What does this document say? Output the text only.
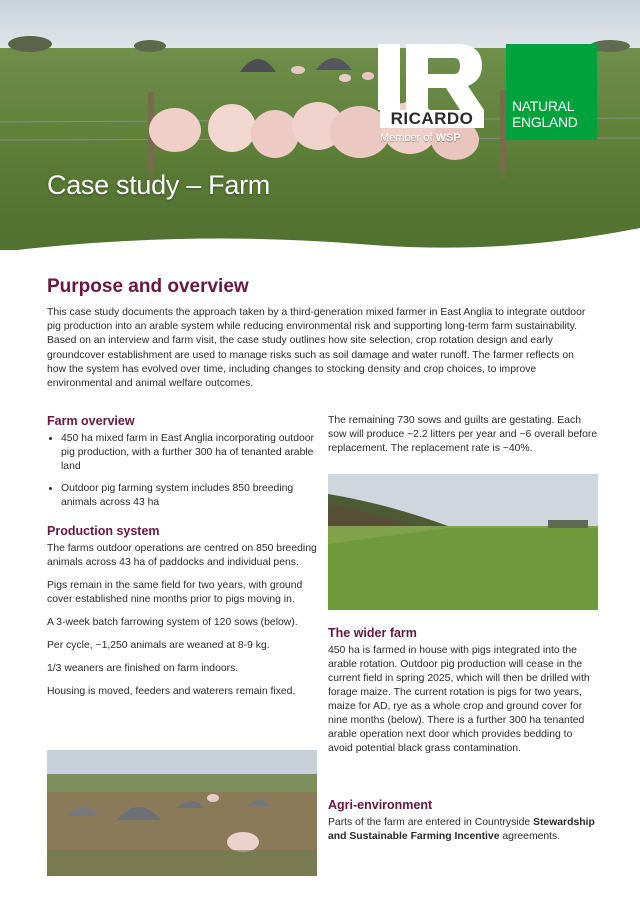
Case study – Farm
RICARDO
Member of WSP
NATURAL
ENGLAND
Purpose and overview

This case study documents the approach taken by a third-generation mixed farmer in East Anglia to integrate outdoor pig production into an arable system while reducing environmental risk and supporting long-term farm sustainability. Based on an interview and farm visit, the case study outlines how site selection, crop rotation design and early groundcover establishment are used to manage risks such as soil damage and water runoff. The farmer reflects on how the system has evolved over time, including changes to stocking density and crop choices, to improve environmental and animal welfare outcomes.

Farm overview
• 450 ha mixed farm in East Anglia incorporating outdoor pig production, with a further 300 ha of tenanted arable land
• Outdoor pig farming system includes 850 breeding animals across 43 ha
Production system

The farms outdoor operations are centred on 850 breeding animals across 43 ha of paddocks and individual pens.

Pigs remain in the same field for two years, with ground cover established nine months prior to pigs moving in.

A 3-week batch farrowing system of 120 sows (below).

Per cycle, ~1,250 animals are weaned at 8-9 kg.

1/3 weaners are finished on farm indoors.

Housing is moved, feeders and waterers remain fixed.

The remaining 730 sows and guilts are gestating. Each sow will produce ~2.2 litters per year and ~6 overall before replacement. The replacement rate is ~40%.

The wider farm

450 ha is farmed in house with pigs integrated into the arable rotation. Outdoor pig production will cease in the current field in spring 2025, which will then be drilled with forage maize. The current rotation is pigs for two years, maize for AD, rye as a whole crop and ground cover for nine months (below). There is a further 300 ha tenanted arable operation next door which provides bedding to avoid potential black grass contamination.

Agri-environment

Parts of the farm are entered in Countryside Stewardship and Sustainable Farming Incentive agreements.
